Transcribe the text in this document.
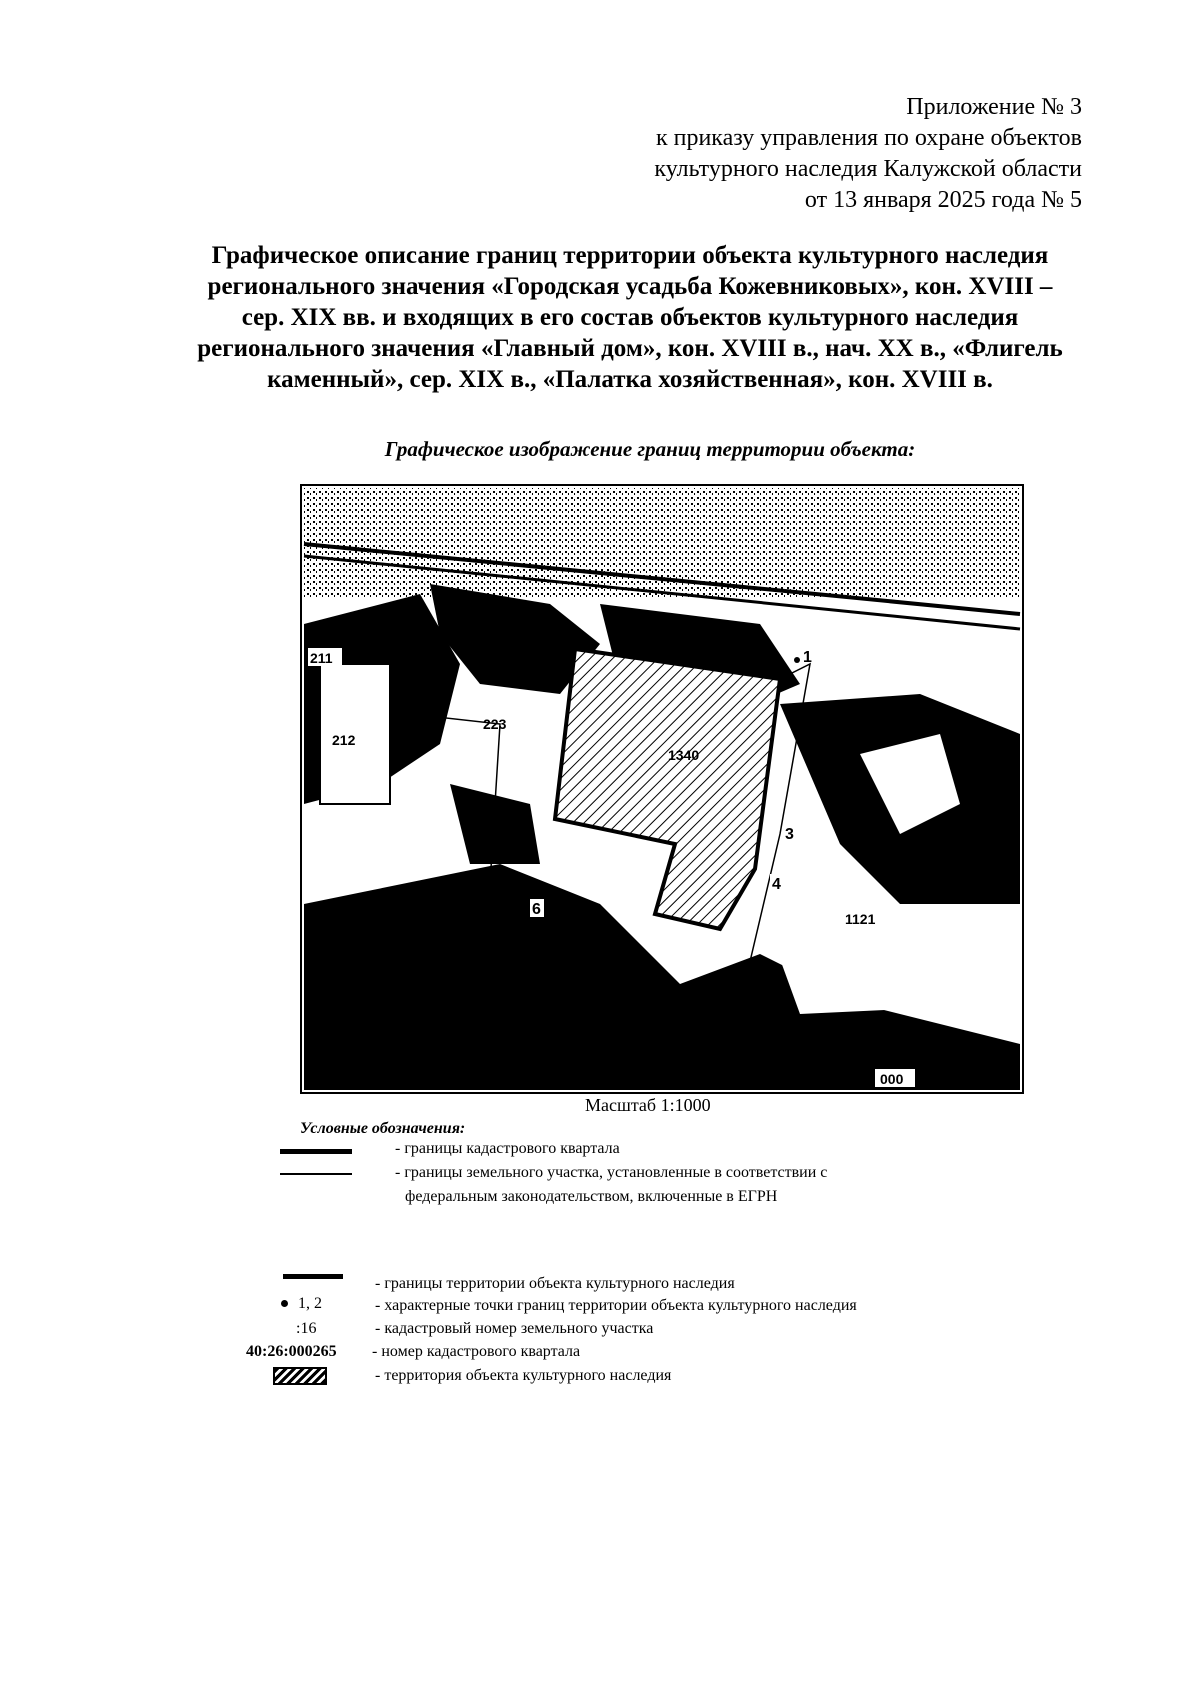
Приложение № 3
к приказу управления по охране объектов
культурного наследия Калужской области
от 13 января 2025 года № 5
Графическое описание границ территории объекта культурного наследия
регионального значения «Городская усадьба Кожевниковых», кон. XVIII –
сер. XIX вв. и входящих в его состав объектов культурного наследия
регионального значения «Главный дом», кон. XVIII в., нач. XX в., «Флигель
каменный», сер. XIX в., «Палатка хозяйственная», кон. XVIII в.
Графическое изображение границ территории объекта:
211
212
223
1340
1121
1
3
4
6
000
Масштаб 1:1000
Условные обозначения:
- границы кадастрового квартала
- границы земельного участка, установленные в соответствии с
федеральным законодательством, включенные в ЕГРН
- границы территории объекта культурного наследия
1, 2	- характерные точки границ территории объекта культурного наследия
:16	- кадастровый номер земельного участка
40:26:000265 - номер кадастрового квартала
- территория объекта культурного наследия
